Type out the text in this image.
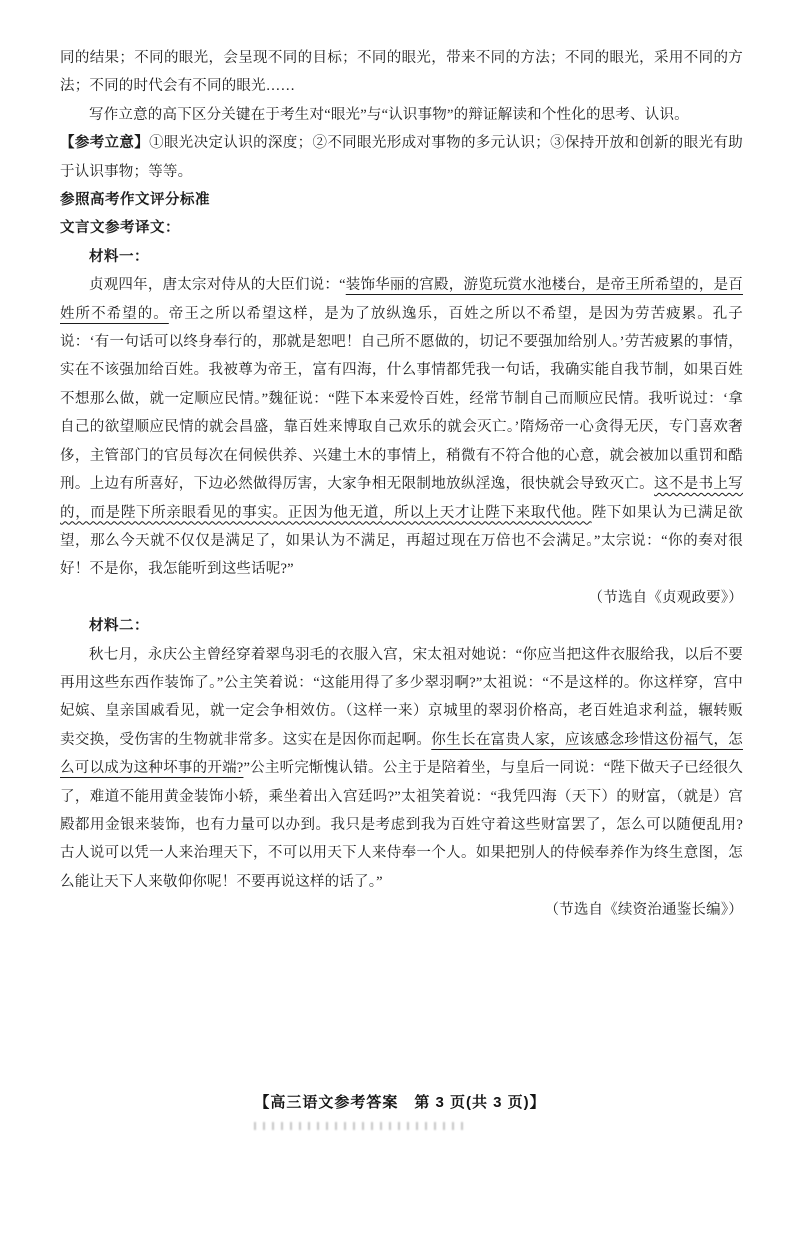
同的结果；不同的眼光，会呈现不同的目标；不同的眼光，带来不同的方法；不同的眼光，采用不同的方法；不同的时代会有不同的眼光……
写作立意的高下区分关键在于考生对“眼光”与“认识事物”的辩证解读和个性化的思考、认识。
【参考立意】①眼光决定认识的深度；②不同眼光形成对事物的多元认识；③保持开放和创新的眼光有助于认识事物；等等。
参照高考作文评分标准
文言文参考译文：
材料一：
贞观四年，唐太宗对侍从的大臣们说：“装饰华丽的宫殿，游览玩赏水池楼台，是帝王所希望的，是百姓所不希望的。帝王之所以希望这样，是为了放纵逸乐，百姓之所以不希望，是因为劳苦疲累。孔子说：‘有一句话可以终身奉行的，那就是恕吧！自己所不愿做的，切记不要强加给别人。’劳苦疲累的事情，实在不该强加给百姓。我被尊为帝王，富有四海，什么事情都凭我一句话，我确实能自我节制，如果百姓不想那么做，就一定顺应民情。”魏征说：“陛下本来爱怜百姓，经常节制自己而顺应民情。我听说过：‘拿自己的欲望顺应民情的就会昌盛，靠百姓来博取自己欢乐的就会灭亡。’隋炀帝一心贪得无厌，专门喜欢奢侈，主管部门的官员每次在伺候供养、兴建土木的事情上，稍微有不符合他的心意，就会被加以重罚和酷刑。上边有所喜好，下边必然做得厉害，大家争相无限制地放纵淫逸，很快就会导致灭亡。这不是书上写的，而是陛下所亲眼看见的事实。正因为他无道，所以上天才让陛下来取代他。陛下如果认为已满足欲望，那么今天就不仅仅是满足了，如果认为不满足，再超过现在万倍也不会满足。”太宗说：“你的奏对很好！不是你，我怎能听到这些话呢?”
（节选自《贞观政要》）
材料二：
秋七月，永庆公主曾经穿着翠鸟羽毛的衣服入宫，宋太祖对她说：“你应当把这件衣服给我，以后不要再用这些东西作装饰了。”公主笑着说：“这能用得了多少翠羽啊?”太祖说：“不是这样的。你这样穿，宫中妃嫔、皇亲国戚看见，就一定会争相效仿。（这样一来）京城里的翠羽价格高，老百姓追求利益，辗转贩卖交换，受伤害的生物就非常多。这实在是因你而起啊。你生长在富贵人家，应该感念珍惜这份福气，怎么可以成为这种坏事的开端?”公主听完惭愧认错。公主于是陪着坐，与皇后一同说：“陛下做天子已经很久了，难道不能用黄金装饰小轿，乘坐着出入宫廷吗?”太祖笑着说：“我凭四海（天下）的财富，（就是）宫殿都用金银来装饰，也有力量可以办到。我只是考虑到我为百姓守着这些财富罢了，怎么可以随便乱用? 古人说可以凭一人来治理天下，不可以用天下人来侍奉一个人。如果把别人的侍候奉养作为终生意图，怎么能让天下人来敬仰你呢！不要再说这样的话了。”
（节选自《续资治通鉴长编》）
【高三语文参考答案　第 3 页(共 3 页)】
